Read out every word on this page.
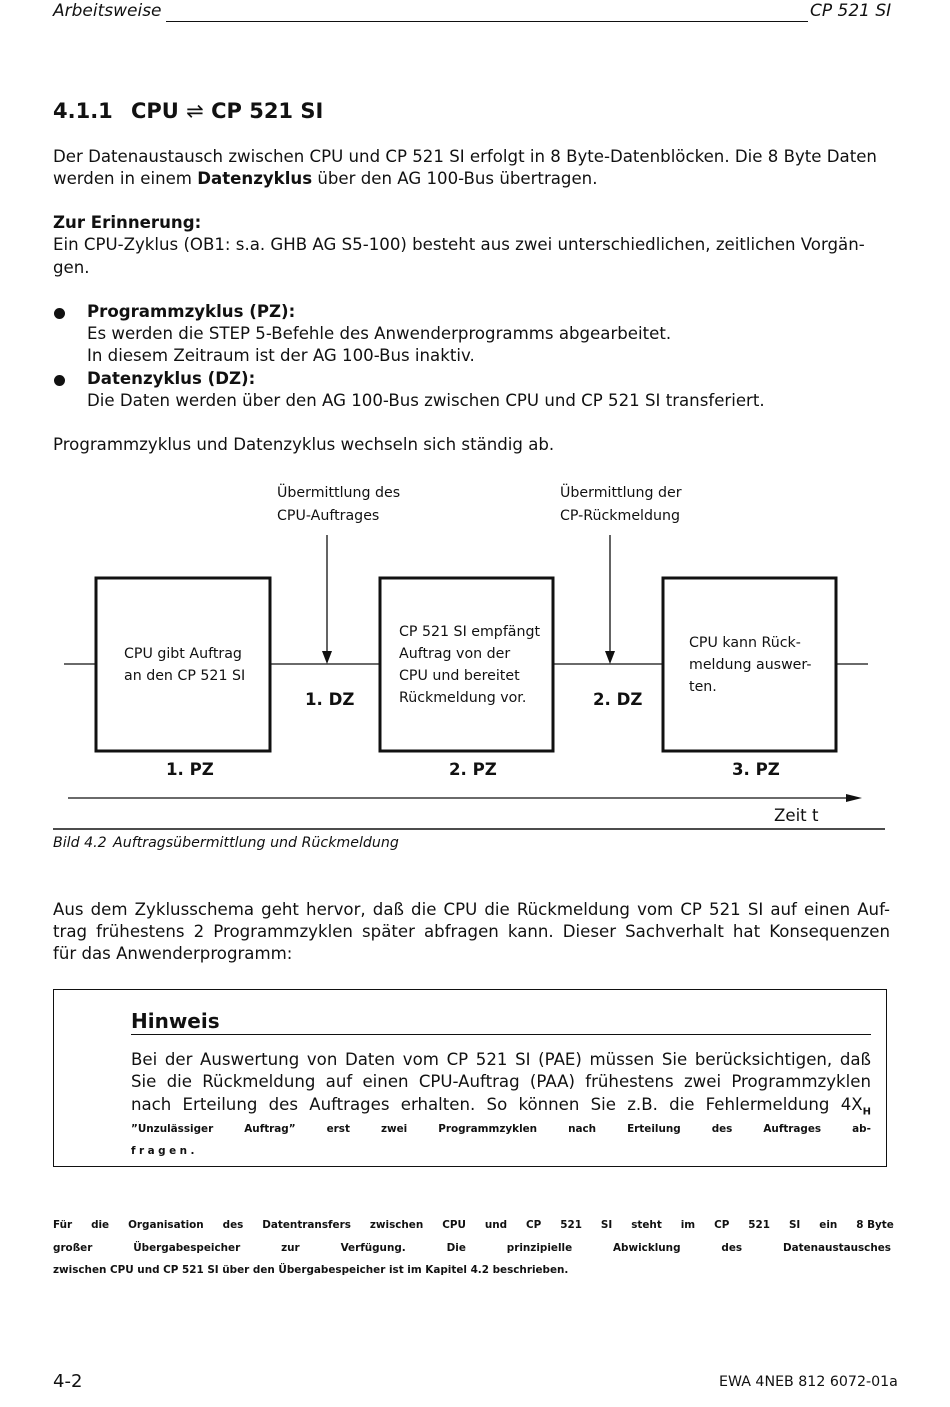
Arbeitsweise	CP 521 SI
4.1.1 CPU ⇌ CP 521 SI
Der Datenaustausch zwischen CPU und CP 521 SI erfolgt in 8 Byte-Datenblöcken. Die 8 Byte Daten
werden in einem Datenzyklus über den AG 100-Bus übertragen.
Zur Erinnerung:
Ein CPU-Zyklus (OB1: s.a. GHB AG S5-100) besteht aus zwei unterschiedlichen, zeitlichen Vorgän-
gen.
Programmzyklus (PZ):
Es werden die STEP 5-Befehle des Anwenderprogramms abgearbeitet.
In diesem Zeitraum ist der AG 100-Bus inaktiv.
Datenzyklus (DZ):
Die Daten werden über den AG 100-Bus zwischen CPU und CP 521 SI transferiert.
Programmzyklus und Datenzyklus wechseln sich ständig ab.
Übermittlung des
CPU-Auftrages
Übermittlung der
CP-Rückmeldung
CPU gibt Auftrag
an den CP 521 SI
CP 521 SI empfängt
Auftrag von der
CPU und bereitet
Rückmeldung vor.
CPU kann Rück-
meldung auswer-
ten.
1. DZ	2. DZ
1. PZ	2. PZ	3. PZ
Zeit t
Bild 4.2 Auftragsübermittlung und Rückmeldung
Aus dem Zyklusschema geht hervor, daß die CPU die Rückmeldung vom CP 521 SI auf einen Auf-
trag frühestens 2 Programmzyklen später abfragen kann. Dieser Sachverhalt hat Konsequenzen
für das Anwenderprogramm:
Hinweis
Bei der Auswertung von Daten vom CP 521 SI (PAE) müssen Sie berücksichtigen, daß
Sie die Rückmeldung auf einen CPU-Auftrag (PAA) frühestens zwei Programmzyklen
nach Erteilung des Auftrages erhalten. So können Sie z.B. die Fehlermeldung $4X_H$
”Unzulässiger	Auftrag”	erst	zwei	Programmzyklen	nach	Erteilung	des	Auftrages	ab-
fragen.
Für die Organisation des Datentransfers zwischen CPU und CP 521 SI steht im CP 521 SI ein 8 Byte
großer	Übergabespeicher	zur	Verfügung.	Die	prinzipielle	Abwicklung	des	Datenaustausches
zwischen CPU und CP 521 SI über den Übergabespeicher ist im Kapitel 4.2 beschrieben.
4-2	EWA 4NEB 812 6072-01a
